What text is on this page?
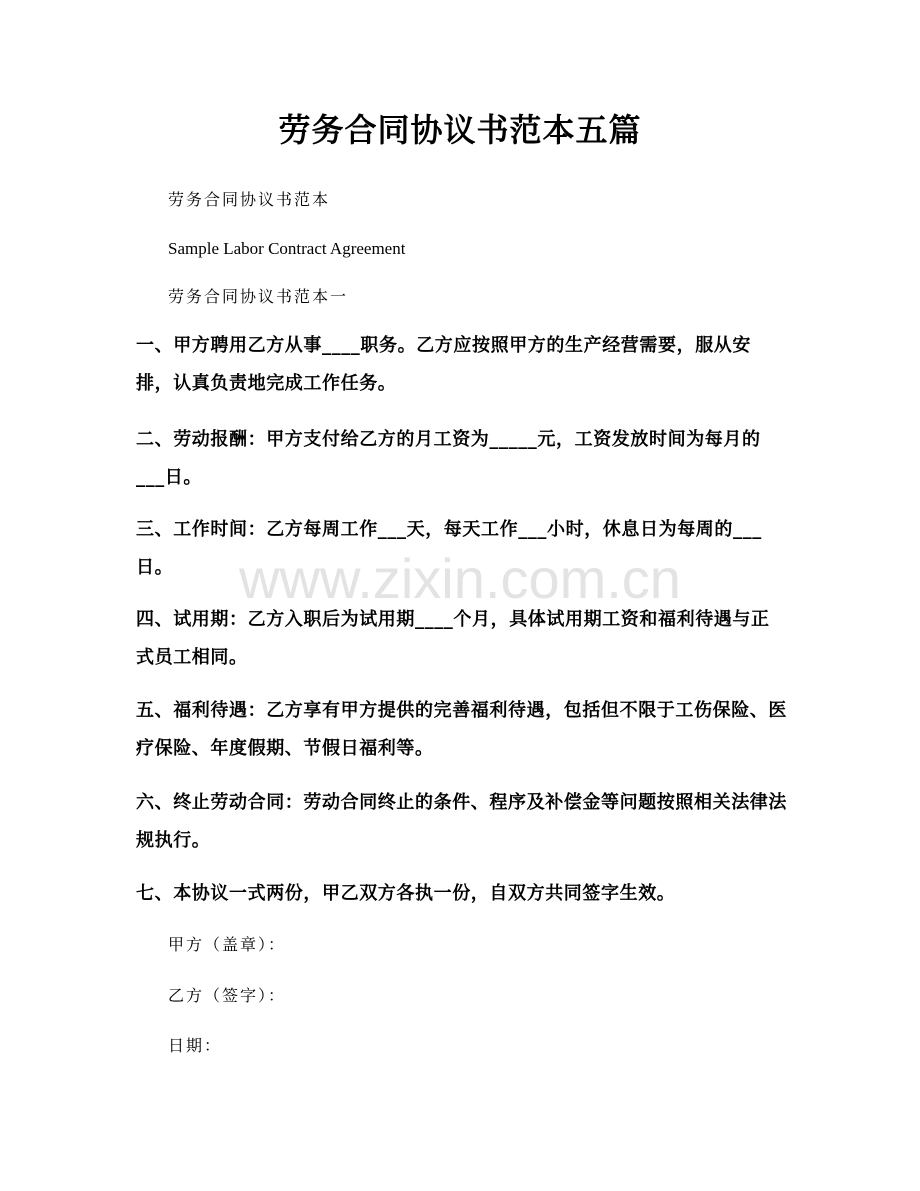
劳务合同协议书范本五篇
劳务合同协议书范本
Sample Labor Contract Agreement
劳务合同协议书范本一
一、甲方聘用乙方从事____职务。乙方应按照甲方的生产经营需要，服从安排，认真负责地完成工作任务。
二、劳动报酬：甲方支付给乙方的月工资为_____元，工资发放时间为每月的___日。
三、工作时间：乙方每周工作___天，每天工作___小时，休息日为每周的___日。
四、试用期：乙方入职后为试用期____个月，具体试用期工资和福利待遇与正式员工相同。
五、福利待遇：乙方享有甲方提供的完善福利待遇，包括但不限于工伤保险、医疗保险、年度假期、节假日福利等。
六、终止劳动合同：劳动合同终止的条件、程序及补偿金等问题按照相关法律法规执行。
七、本协议一式两份，甲乙双方各执一份，自双方共同签字生效。
甲方（盖章）：
乙方（签字）：
日期：
www.zixin.com.cn
